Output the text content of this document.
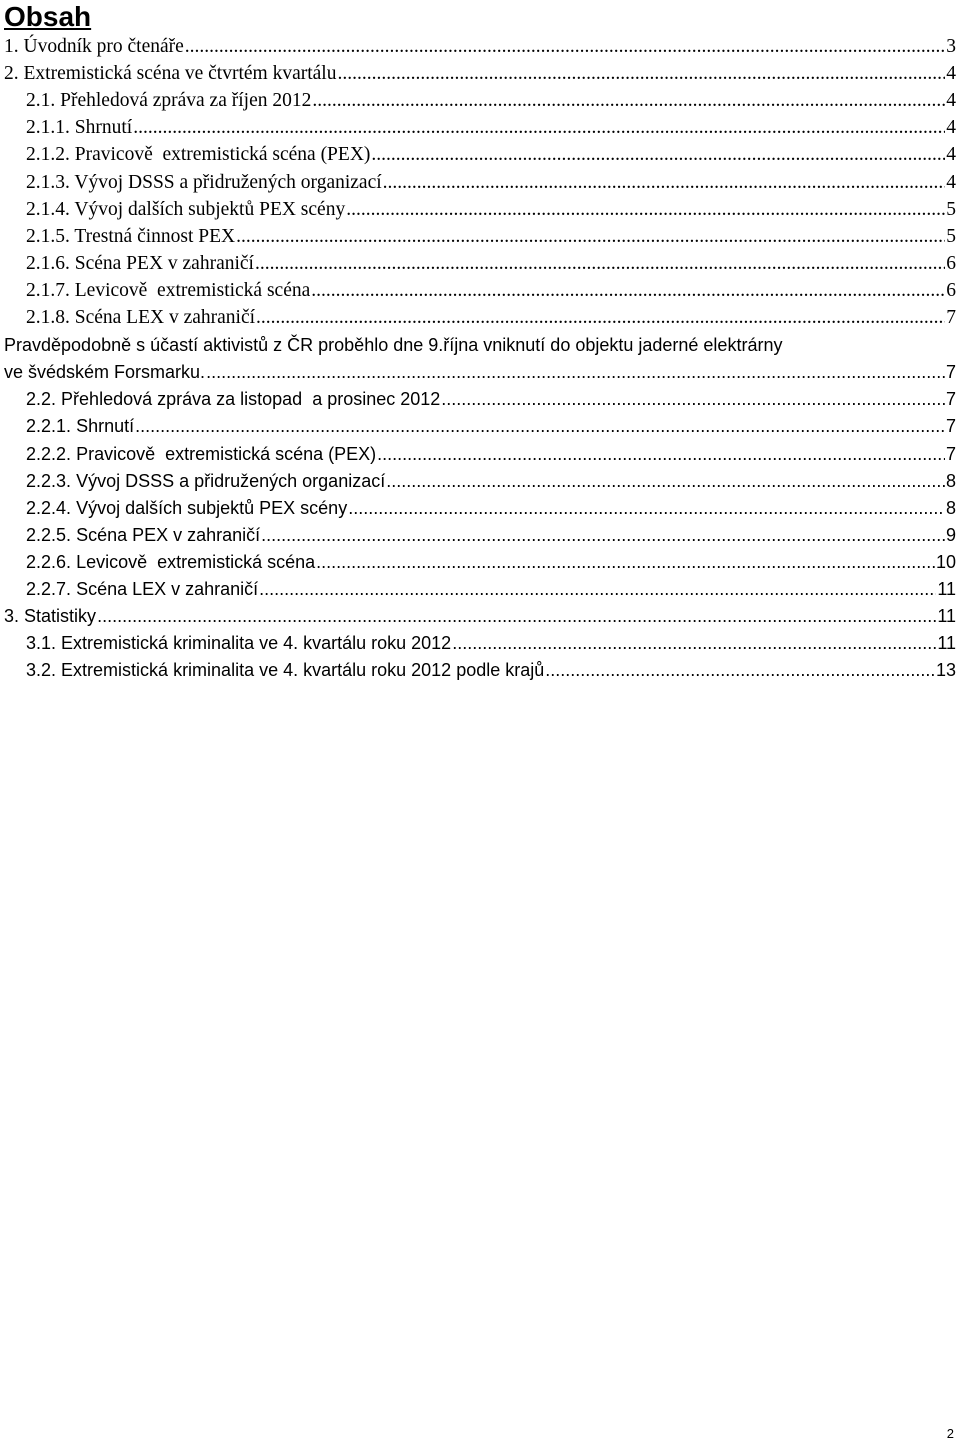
Obsah
1. Úvodník pro čtenáře .....	3
2. Extremistická scéna ve čtvrtém kvartálu .....	4
2.1. Přehledová zpráva za říjen 2012 .....	4
2.1.1. Shrnutí .....	4
2.1.2. Pravicově  extremistická scéna (PEX) .....	4
2.1.3. Vývoj DSSS a přidružených organizací .....	4
2.1.4. Vývoj dalších subjektů PEX scény .....	5
2.1.5. Trestná činnost PEX .....	5
2.1.6. Scéna PEX v zahraničí .....	6
2.1.7. Levicově  extremistická scéna .....	6
2.1.8. Scéna LEX v zahraničí .....	7
Pravděpodobně s účastí aktivistů z ČR proběhlo dne 9.října vniknutí do objektu jaderné elektrárny
ve švédském Forsmarku. .....	7
2.2. Přehledová zpráva za listopad  a prosinec 2012 .....	7
2.2.1. Shrnutí .....	7
2.2.2. Pravicově  extremistická scéna (PEX) .....	7
2.2.3. Vývoj DSSS a přidružených organizací .....	8
2.2.4. Vývoj dalších subjektů PEX scény .....	8
2.2.5. Scéna PEX v zahraničí .....	9
2.2.6. Levicově  extremistická scéna .....	10
2.2.7. Scéna LEX v zahraničí .....	11
3. Statistiky .....	11
3.1. Extremistická kriminalita ve 4. kvartálu roku 2012 .....	11
3.2. Extremistická kriminalita ve 4. kvartálu roku 2012 podle krajů .....	13
2
